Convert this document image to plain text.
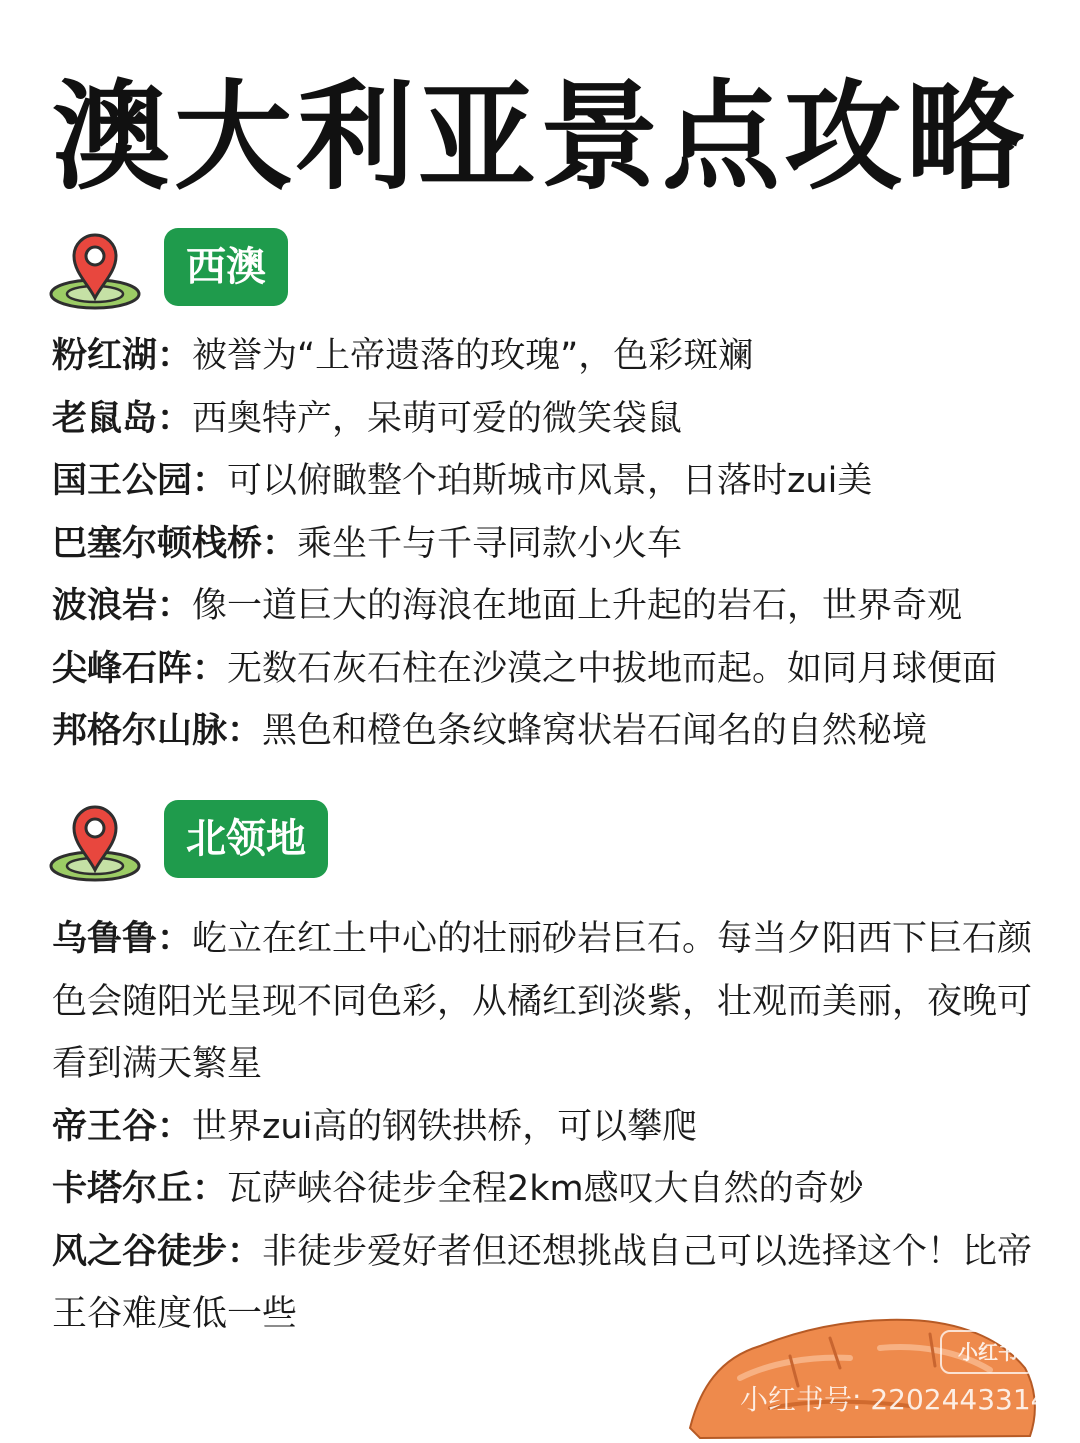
澳大利亚景点攻略
西澳
粉红湖：被誉为“上帝遗落的玫瑰”，色彩斑斓
老鼠岛：西奥特产，呆萌可爱的微笑袋鼠
国王公园：可以俯瞰整个珀斯城市风景，日落时zui美
巴塞尔顿栈桥：乘坐千与千寻同款小火车
波浪岩：像一道巨大的海浪在地面上升起的岩石，世界奇观
尖峰石阵：无数石灰石柱在沙漠之中拔地而起。如同月球便面
邦格尔山脉：黑色和橙色条纹蜂窝状岩石闻名的自然秘境
北领地
乌鲁鲁：屹立在红土中心的壮丽砂岩巨石。每当夕阳西下巨石颜色会随阳光呈现不同色彩，从橘红到淡紫，壮观而美丽，夜晚可看到满天繁星
帝王谷：世界zui高的钢铁拱桥，可以攀爬
卡塔尔丘：瓦萨峡谷徒步全程2km感叹大自然的奇妙
风之谷徒步：非徒步爱好者但还想挑战自己可以选择这个！比帝王谷难度低一些
小红书
小红书号: 2202443314
